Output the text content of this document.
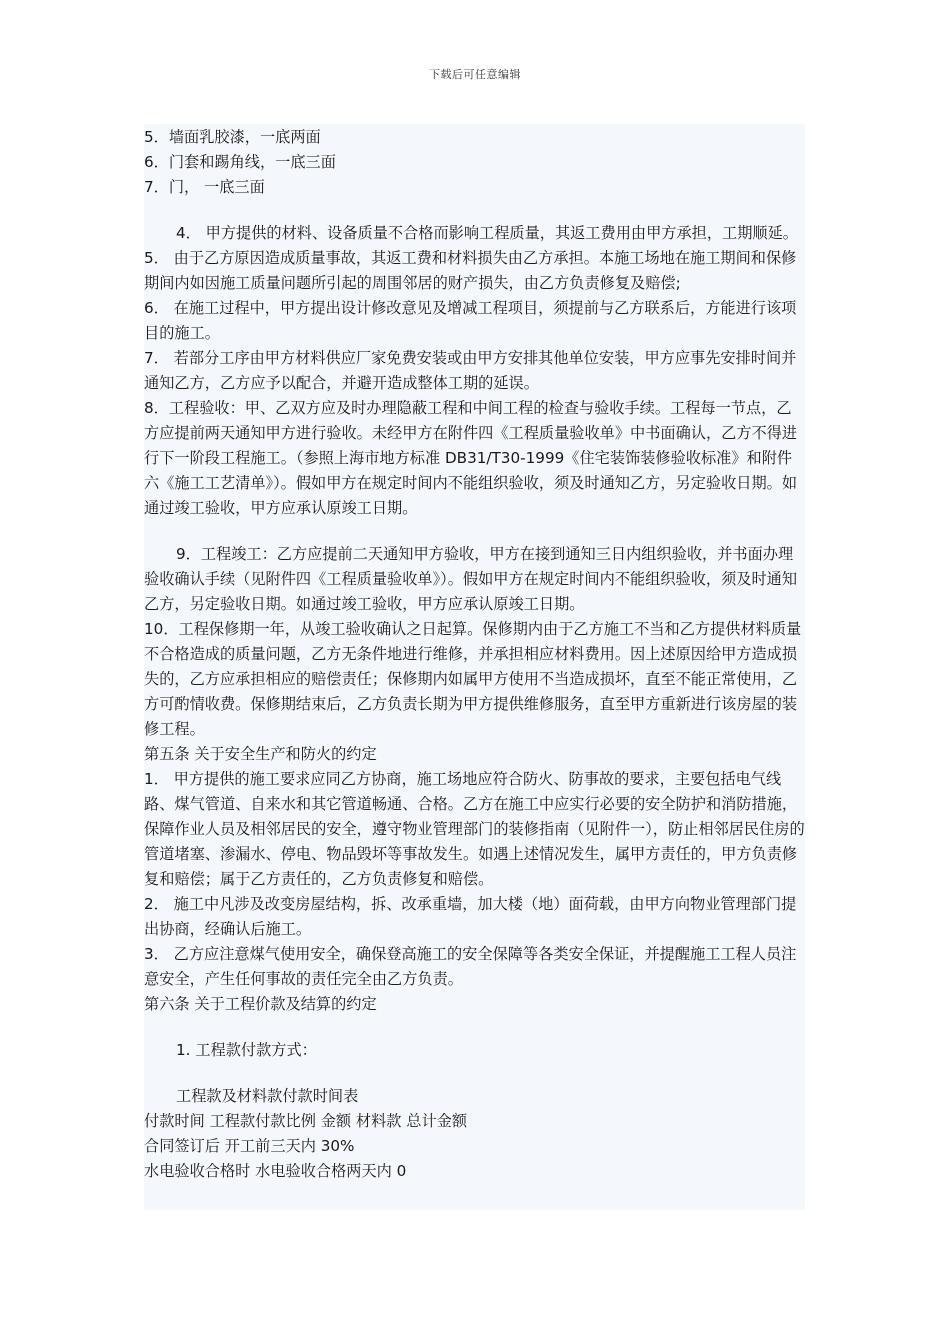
下载后可任意编辑

5．墙面乳胶漆，一底两面

6．门套和踢角线，一底三面

7．门， 一底三面

4． 甲方提供的材料、设备质量不合格而影响工程质量，其返工费用由甲方承担，工期顺延。

5． 由于乙方原因造成质量事故，其返工费和材料损失由乙方承担。本施工场地在施工期间和保修期间内如因施工质量问题所引起的周围邻居的财产损失，由乙方负责修复及赔偿;

6． 在施工过程中，甲方提出设计修改意见及增减工程项目，须提前与乙方联系后，方能进行该项目的施工。

7． 若部分工序由甲方材料供应厂家免费安装或由甲方安排其他单位安装，甲方应事先安排时间并通知乙方，乙方应予以配合，并避开造成整体工期的延误。

8．工程验收：甲、乙双方应及时办理隐蔽工程和中间工程的检查与验收手续。工程每一节点，乙方应提前两天通知甲方进行验收。未经甲方在附件四《工程质量验收单》中书面确认，乙方不得进行下一阶段工程施工。（参照上海市地方标准 DB31/T30-1999《住宅装饰装修验收标准》和附件六《施工工艺清单》）。假如甲方在规定时间内不能组织验收，须及时通知乙方，另定验收日期。如通过竣工验收，甲方应承认原竣工日期。

9．工程竣工：乙方应提前二天通知甲方验收，甲方在接到通知三日内组织验收，并书面办理验收确认手续（见附件四《工程质量验收单》）。假如甲方在规定时间内不能组织验收，须及时通知乙方，另定验收日期。如通过竣工验收，甲方应承认原竣工日期。

10．工程保修期一年，从竣工验收确认之日起算。保修期内由于乙方施工不当和乙方提供材料质量不合格造成的质量问题，乙方无条件地进行维修，并承担相应材料费用。因上述原因给甲方造成损失的，乙方应承担相应的赔偿责任；保修期内如属甲方使用不当造成损坏，直至不能正常使用，乙方可酌情收费。保修期结束后，乙方负责长期为甲方提供维修服务，直至甲方重新进行该房屋的装修工程。

第五条 关于安全生产和防火的约定

1． 甲方提供的施工要求应同乙方协商，施工场地应符合防火、防事故的要求，主要包括电气线路、煤气管道、自来水和其它管道畅通、合格。乙方在施工中应实行必要的安全防护和消防措施，保障作业人员及相邻居民的安全，遵守物业管理部门的装修指南（见附件一），防止相邻居民住房的管道堵塞、渗漏水、停电、物品毁坏等事故发生。如遇上述情况发生，属甲方责任的，甲方负责修复和赔偿；属于乙方责任的，乙方负责修复和赔偿。

2． 施工中凡涉及改变房屋结构，拆、改承重墙，加大楼（地）面荷载，由甲方向物业管理部门提出协商，经确认后施工。

3． 乙方应注意煤气使用安全，确保登高施工的安全保障等各类安全保证，并提醒施工工程人员注意安全，产生任何事故的责任完全由乙方负责。

第六条 关于工程价款及结算的约定

1. 工程款付款方式：

工程款及材料款付款时间表

付款时间 工程款付款比例 金额 材料款 总计金额

合同签订后 开工前三天内 30%

水电验收合格时 水电验收合格两天内 0
